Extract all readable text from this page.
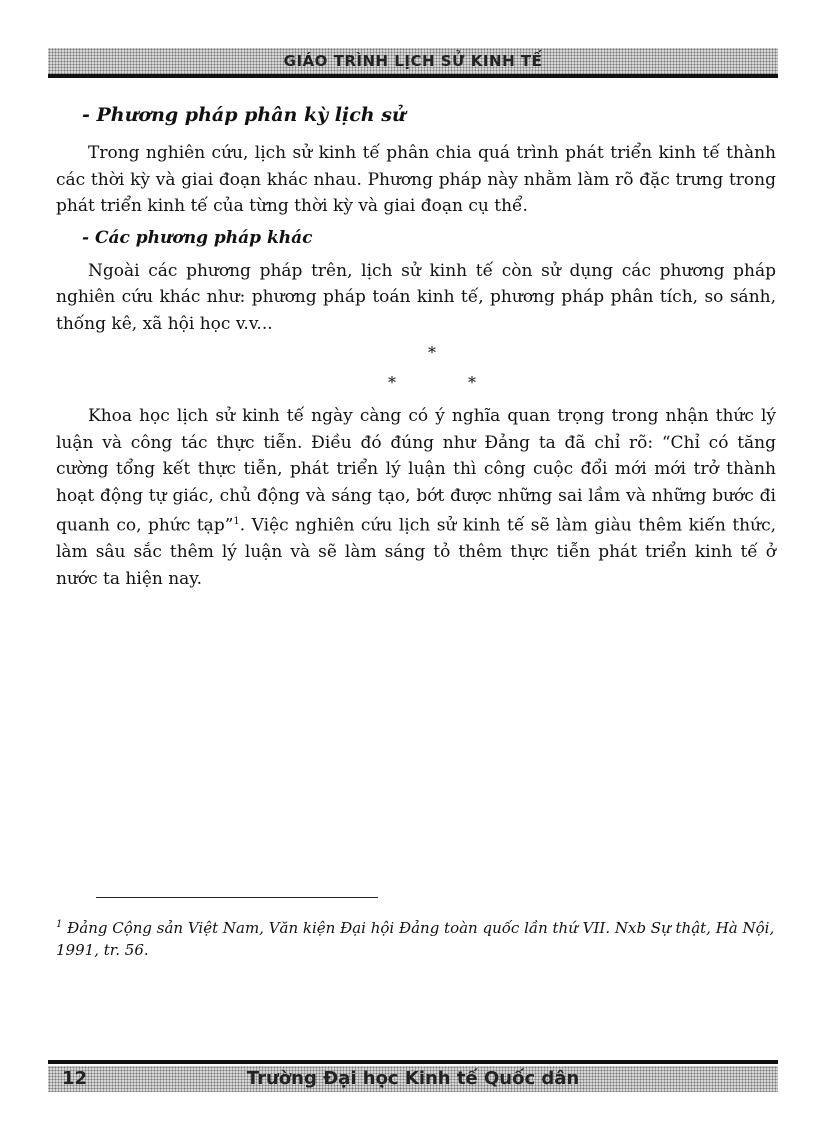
GIÁO TRÌNH LỊCH SỬ KINH TẾ

- Phương pháp phân kỳ lịch sử

Trong nghiên cứu, lịch sử kinh tế phân chia quá trình phát triển kinh tế thành các thời kỳ và giai đoạn khác nhau. Phương pháp này nhằm làm rõ đặc trưng trong phát triển kinh tế của từng thời kỳ và giai đoạn cụ thể.

- Các phương pháp khác

Ngoài các phương pháp trên, lịch sử kinh tế còn sử dụng các phương pháp nghiên cứu khác như: phương pháp toán kinh tế, phương pháp phân tích, so sánh, thống kê, xã hội học v.v...

*
*	*

Khoa học lịch sử kinh tế ngày càng có ý nghĩa quan trọng trong nhận thức lý luận và công tác thực tiễn. Điều đó đúng như Đảng ta đã chỉ rõ: “Chỉ có tăng cường tổng kết thực tiễn, phát triển lý luận thì công cuộc đổi mới mới trở thành hoạt động tự giác, chủ động và sáng tạo, bớt được những sai lầm và những bước đi quanh co, phức tạp”$^1$. Việc nghiên cứu lịch sử kinh tế sẽ làm giàu thêm kiến thức, làm sâu sắc thêm lý luận và sẽ làm sáng tỏ thêm thực tiễn phát triển kinh tế ở nước ta hiện nay.

$^1$ Đảng Cộng sản Việt Nam, Văn kiện Đại hội Đảng toàn quốc lần thứ VII. Nxb Sự thật, Hà Nội, 1991, tr. 56.
12	Trường Đại học Kinh tế Quốc dân
